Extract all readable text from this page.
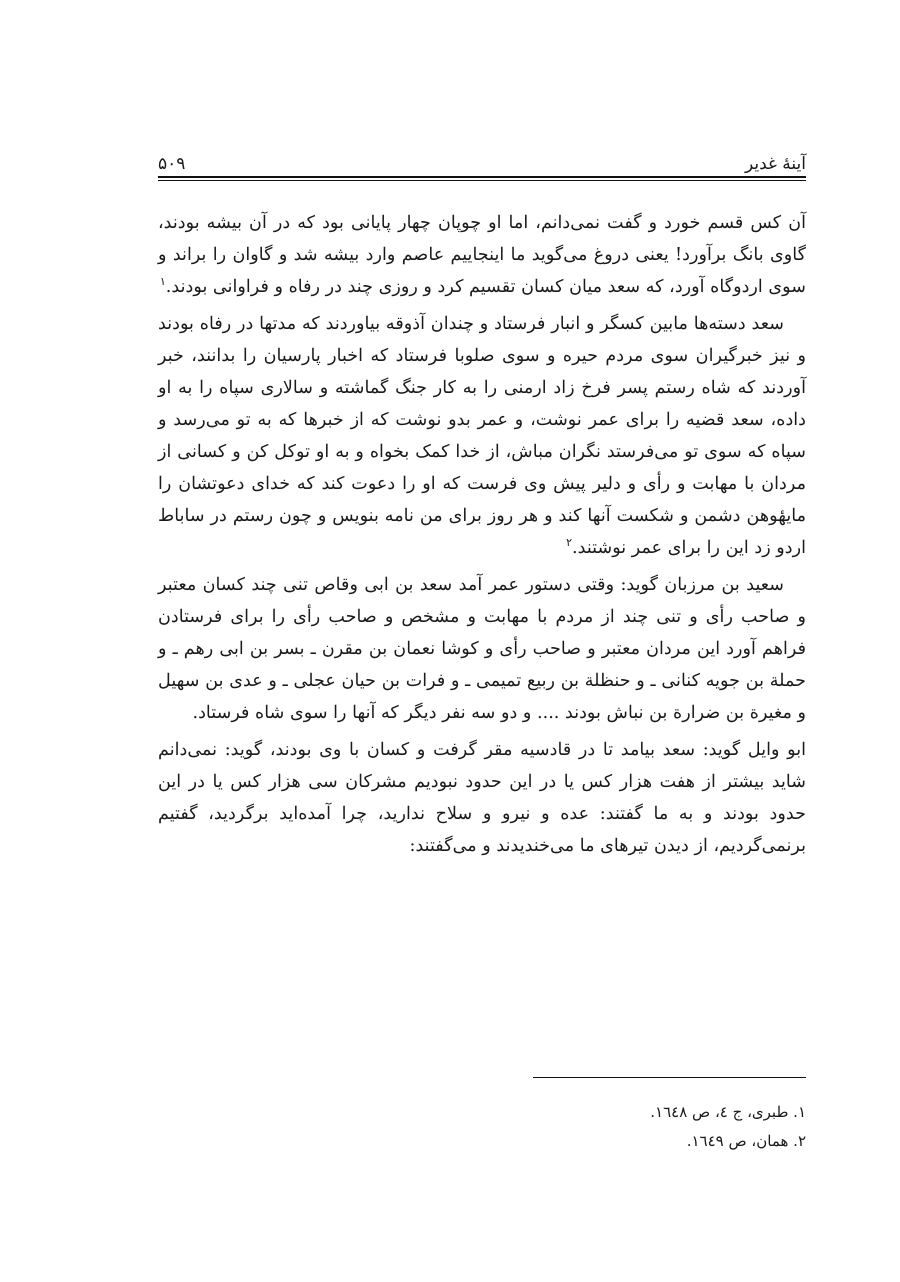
آینهٔ غدیر
۵۰۹

آن کس قسم خورد و گفت نمی‌دانم، اما او چوپان چهار پایانی بود که در آن بیشه بودند، گاوی بانگ برآورد! یعنی دروغ می‌گوید ما اینجاییم عاصم وارد بیشه شد و گاوان را براند و سوی اردوگاه آورد، که سعد میان کسان تقسیم کرد و روزی چند در رفاه و فراوانی بودند.$^۱$

سعد دسته‌ها مابین کسگر و انبار فرستاد و چندان آذوقه بیاوردند که مدتها در رفاه بودند و نیز خبرگیران سوی مردم حیره و سوی صلوبا فرستاد که اخبار پارسیان را بدانند، خبر آوردند که شاه رستم پسر فرخ زاد ارمنی را به کار جنگ گماشته و سالاری سپاه را به او داده، سعد قضیه را برای عمر نوشت، و عمر بدو نوشت که از خبرها که به تو می‌رسد و سپاه که سوی تو می‌فرستد نگران مباش، از خدا کمک بخواه و به او توکل کن و کسانی از مردان با مهابت و رأی و دلیر پیش وی فرست که او را دعوت کند که خدای دعوتشان را مایهٔوهن دشمن و شکست آنها کند و هر روز برای من نامه بنویس و چون رستم در ساباط اردو زد این را برای عمر نوشتند.$^۲$

سعید بن مرزبان گوید: وقتی دستور عمر آمد سعد بن ابی وقاص تنی چند کسان معتبر و صاحب رأی و تنی چند از مردم با مهابت و مشخص و صاحب رأی را برای فرستادن فراهم آورد این مردان معتبر و صاحب رأی و کوشا نعمان بن مقرن ـ بسر بن ابی رهم ـ و حملة بن جویه کنانی ـ و حنظلة بن ربیع تمیمی ـ و فرات بن حیان عجلی ـ و عدی بن سهیل و مغیرة بن ضرارة بن نباش بودند .... و دو سه نفر دیگر که آنها را سوی شاه فرستاد.

ابو وایل گوید: سعد بیامد تا در قادسیه مقر گرفت و کسان با وی بودند، گوید: نمی‌دانم شاید بیشتر از هفت هزار کس یا در این حدود نبودیم مشرکان سی هزار کس یا در این حدود بودند و به ما گفتند: عده و نیرو و سلاح ندارید، چرا آمده‌اید برگردید، گفتیم برنمی‌گردیم، از دیدن تیرهای ما می‌خندیدند و می‌گفتند:

۱. طبری، ج ٤، ص ١٦٤٨.

۲. همان، ص ١٦٤٩.
